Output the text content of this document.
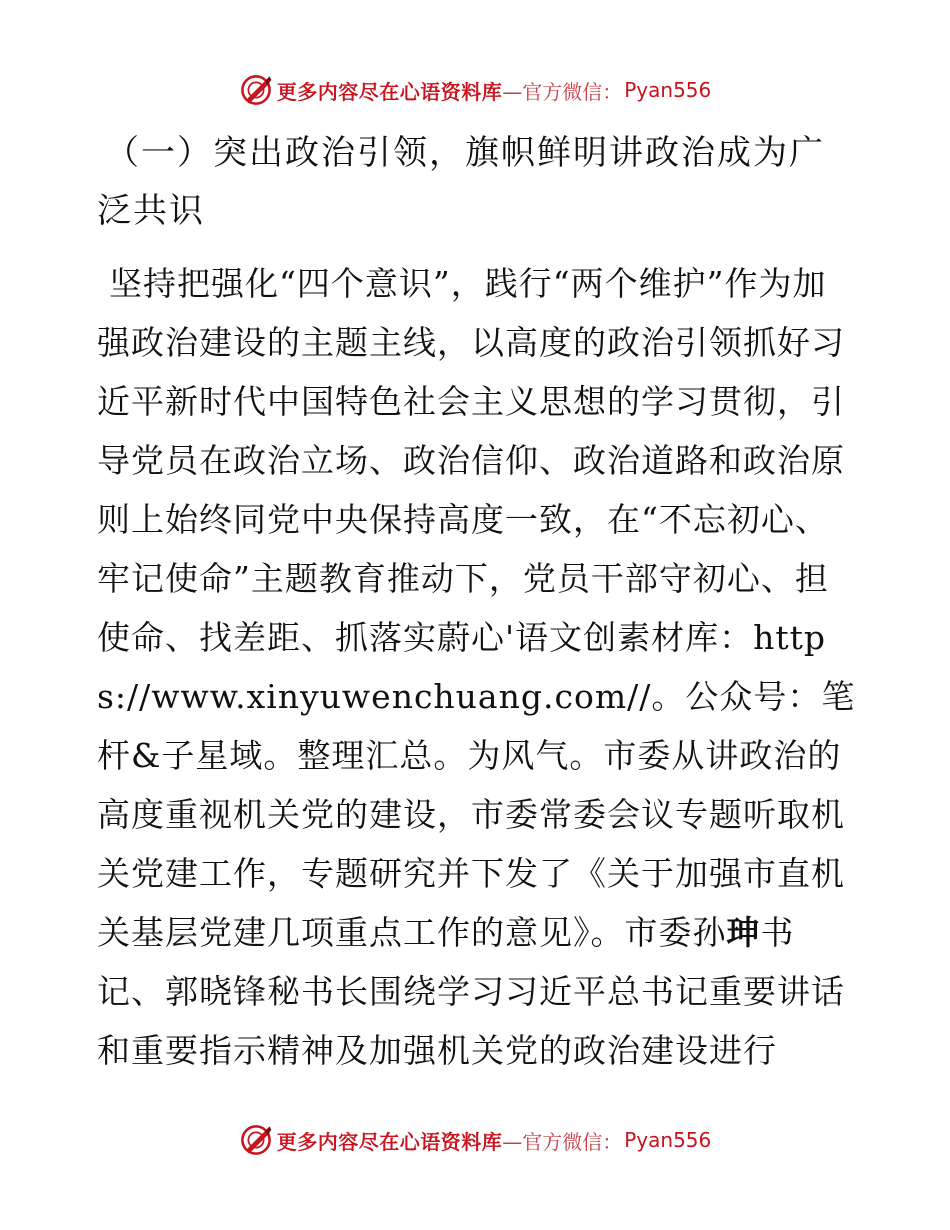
更多内容尽在心语资料库 —官方微信： Pyan556
（一）突出政治引领，旗帜鲜明讲政治成为广泛共识

坚持把强化“四个意识”，践行“两个维护”作为加强政治建设的主题主线，以高度的政治引领抓好习近平新时代中国特色社会主义思想的学习贯彻，引导党员在政治立场、政治信仰、政治道路和政治原则上始终同党中央保持高度一致，在“不忘初心、牢记使命”主题教育推动下，党员干部守初心、担使命、找差距、抓落实蔚心'语文创素材库：https://www.xinyuwenchuang.com//。公众号：笔杆&子星域。整理汇总。为风气。市委从讲政治的高度重视机关党的建设，市委常委会议专题听取机关党建工作，专题研究并下发了《关于加强市直机关基层党建几项重点工作的意见》。市委孙珅书记、郭晓锋秘书长围绕学习习近平总书记重要讲话和重要指示精神及加强机关党的政治建设进行

更多内容尽在心语资料库 —官方微信： Pyan556
